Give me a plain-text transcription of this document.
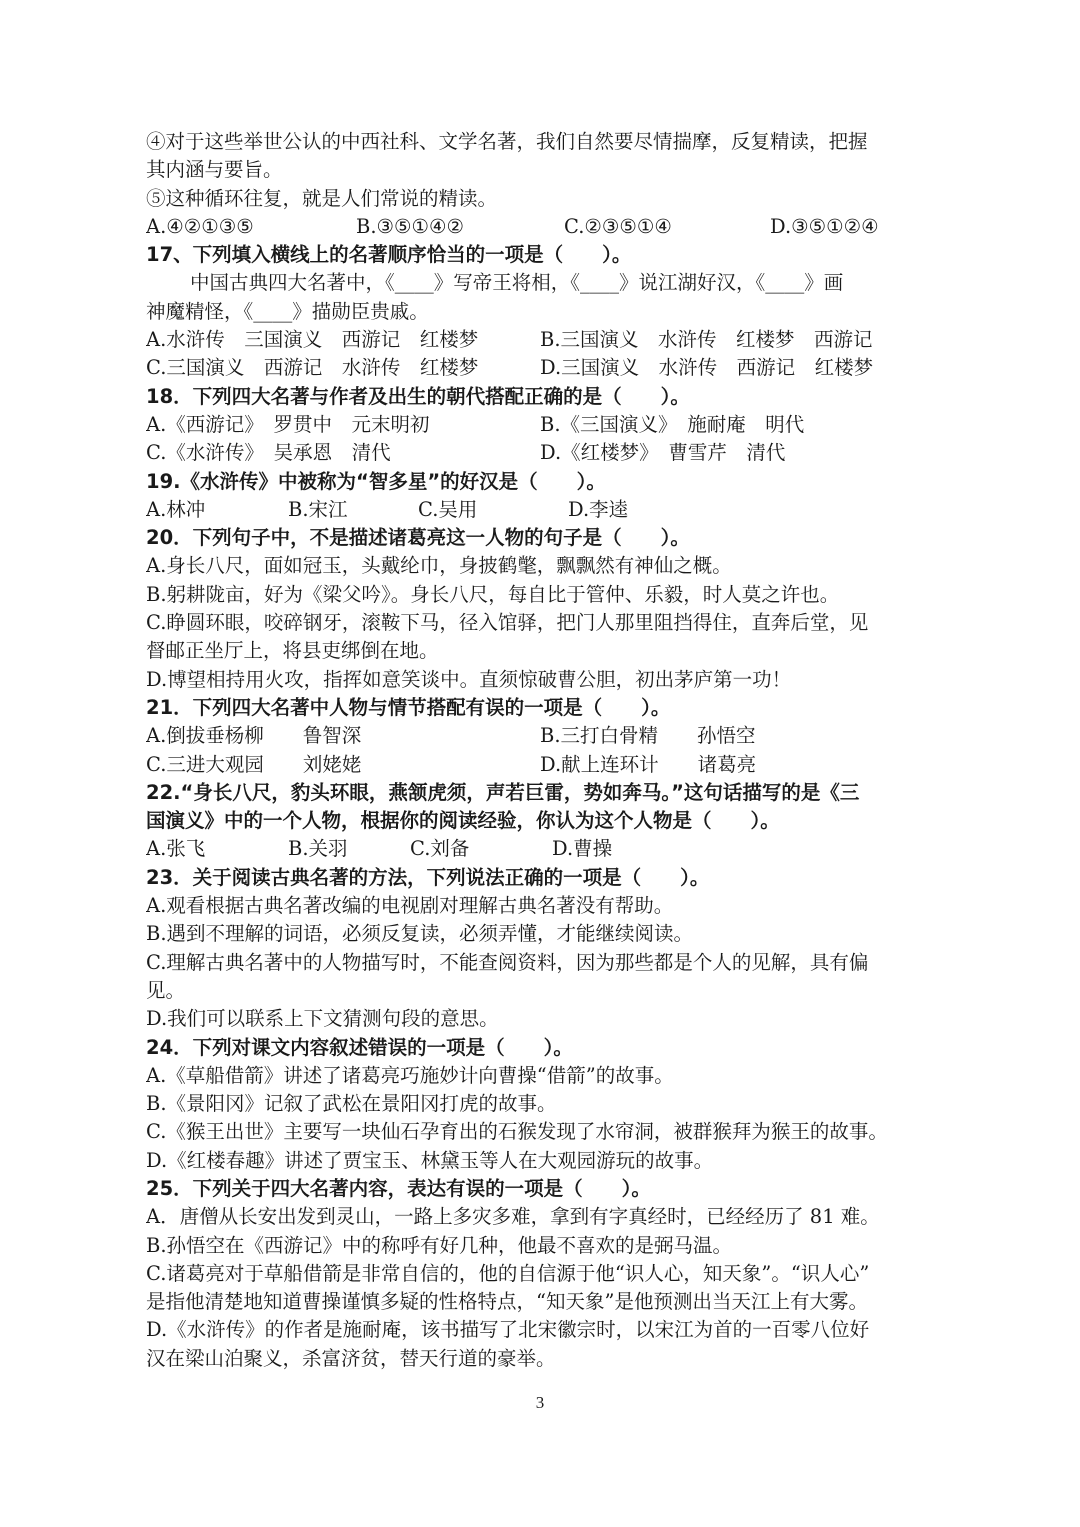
④对于这些举世公认的中西社科、文学名著，我们自然要尽情揣摩，反复精读，把握
其内涵与要旨。
⑤这种循环往复，就是人们常说的精读。
A.④②①③⑤	B.③⑤①④②	C.②③⑤①④	D.③⑤①②④
17、下列填入横线上的名著顺序恰当的一项是（　　）。
中国古典四大名著中，《____》写帝王将相，《____》说江湖好汉，《____》画
神魔精怪，《____》描勋臣贵戚。
A.水浒传　三国演义　西游记　红楼梦	B.三国演义　水浒传　红楼梦　西游记
C.三国演义　西游记　水浒传　红楼梦	D.三国演义　水浒传　西游记　红楼梦
18．下列四大名著与作者及出生的朝代搭配正确的是（　　）。
A.《西游记》　罗贯中　元末明初	B.《三国演义》　施耐庵　明代
C.《水浒传》　吴承恩　清代	D.《红楼梦》　曹雪芹　清代
19.《水浒传》中被称为“智多星”的好汉是（　　）。
A.林冲	B.宋江	C.吴用	D.李逵
20．下列句子中，不是描述诸葛亮这一人物的句子是（　　）。
A.身长八尺，面如冠玉，头戴纶巾，身披鹤氅，飘飘然有神仙之概。
B.躬耕陇亩，好为《梁父吟》。身长八尺，每自比于管仲、乐毅，时人莫之许也。
C.睁圆环眼，咬碎钢牙，滚鞍下马，径入馆驿，把门人那里阻挡得住，直奔后堂，见
督邮正坐厅上，将县吏绑倒在地。
D.博望相持用火攻，指挥如意笑谈中。直须惊破曹公胆，初出茅庐第一功！
21．下列四大名著中人物与情节搭配有误的一项是（　　）。
A.倒拔垂杨柳　　鲁智深	B.三打白骨精　　孙悟空
C.三进大观园　　刘姥姥	D.献上连环计　　诸葛亮
22.“身长八尺，豹头环眼，燕颔虎须，声若巨雷，势如奔马。”这句话描写的是《三
国演义》中的一个人物，根据你的阅读经验，你认为这个人物是（　　）。
A.张飞	B.关羽	C.刘备	D.曹操
23．关于阅读古典名著的方法，下列说法正确的一项是（　　）。
A.观看根据古典名著改编的电视剧对理解古典名著没有帮助。
B.遇到不理解的词语，必须反复读，必须弄懂，才能继续阅读。
C.理解古典名著中的人物描写时，不能查阅资料，因为那些都是个人的见解，具有偏
见。
D.我们可以联系上下文猜测句段的意思。
24．下列对课文内容叙述错误的一项是（　　）。
A.《草船借箭》讲述了诸葛亮巧施妙计向曹操“借箭”的故事。
B.《景阳冈》记叙了武松在景阳冈打虎的故事。
C.《猴王出世》主要写一块仙石孕育出的石猴发现了水帘洞，被群猴拜为猴王的故事。
D.《红楼春趣》讲述了贾宝玉、林黛玉等人在大观园游玩的故事。
25．下列关于四大名著内容，表达有误的一项是（　　）。
A．唐僧从长安出发到灵山，一路上多灾多难，拿到有字真经时，已经经历了 81 难。
B.孙悟空在《西游记》中的称呼有好几种，他最不喜欢的是弼马温。
C.诸葛亮对于草船借箭是非常自信的，他的自信源于他“识人心，知天象”。“识人心”
是指他清楚地知道曹操谨慎多疑的性格特点，“知天象”是他预测出当天江上有大雾。
D.《水浒传》的作者是施耐庵，该书描写了北宋徽宗时，以宋江为首的一百零八位好
汉在梁山泊聚义，杀富济贫，替天行道的豪举。
3
